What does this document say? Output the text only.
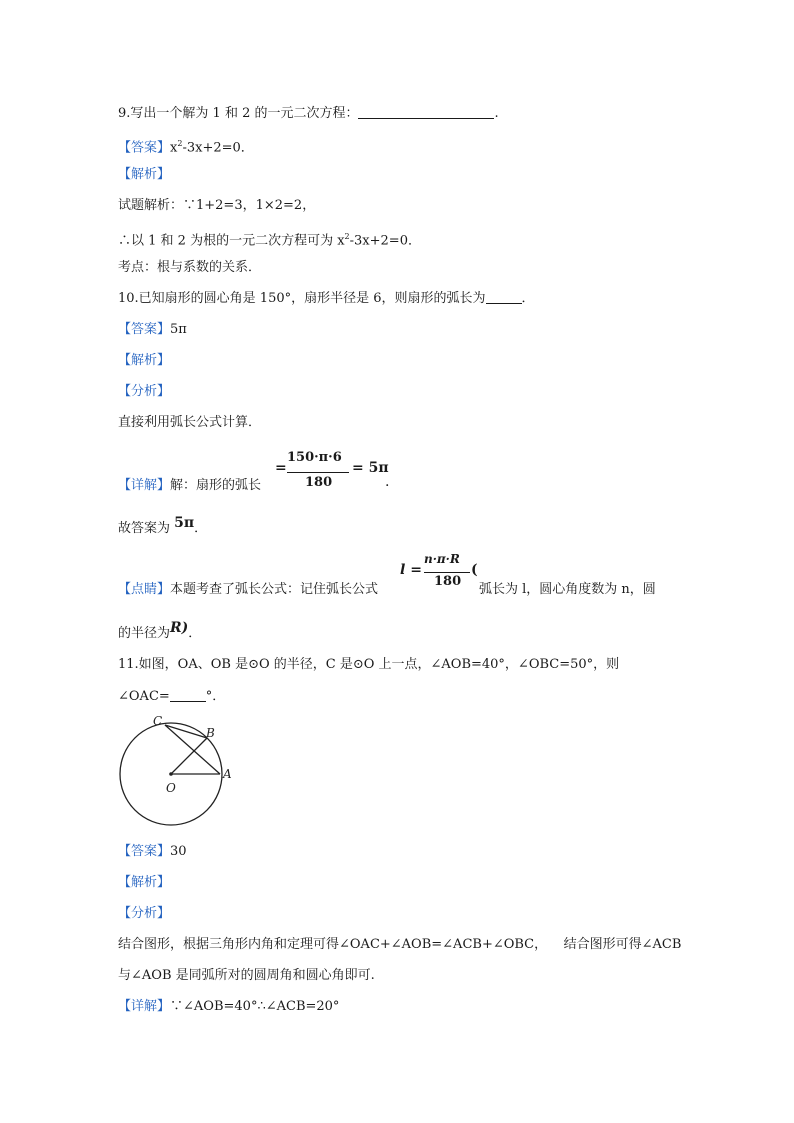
9.写出一个解为 1 和 2 的一元二次方程：	.
【答案】$x^2-3x+2=0$．
【解析】
试题解析：∵1+2=3，1×2=2，
∴以 1 和 2 为根的一元二次方程可为 $x^2-3x+2=0$．
考点：根与系数的关系．
10.已知扇形的圆心角是 150°，扇形半径是 6，则扇形的弧长为	．
【答案】5π
【解析】
【分析】
直接利用弧长公式计算．
【详解】解：扇形的弧长
=
150·π·6
180
= 5π
.
故答案为 5π．
【点睛】本题考查了弧长公式：记住弧长公式
l =
n·π·R
180
(
弧长为 l，圆心角度数为 n，圆
的半径为R)．
11.如图，OA、OB 是⊙O 的半径，C 是⊙O 上一点，∠AOB=40°，∠OBC=50°，则
∠OAC=	°．
C
B
A
O
【答案】30
【解析】
【分析】
结合图形，根据三角形内角和定理可得∠OAC+∠AOB=∠ACB+∠OBC，    结合图形可得∠ACB
与∠AOB 是同弧所对的圆周角和圆心角即可.
【详解】∵∠AOB=40°∴∠ACB=20°
